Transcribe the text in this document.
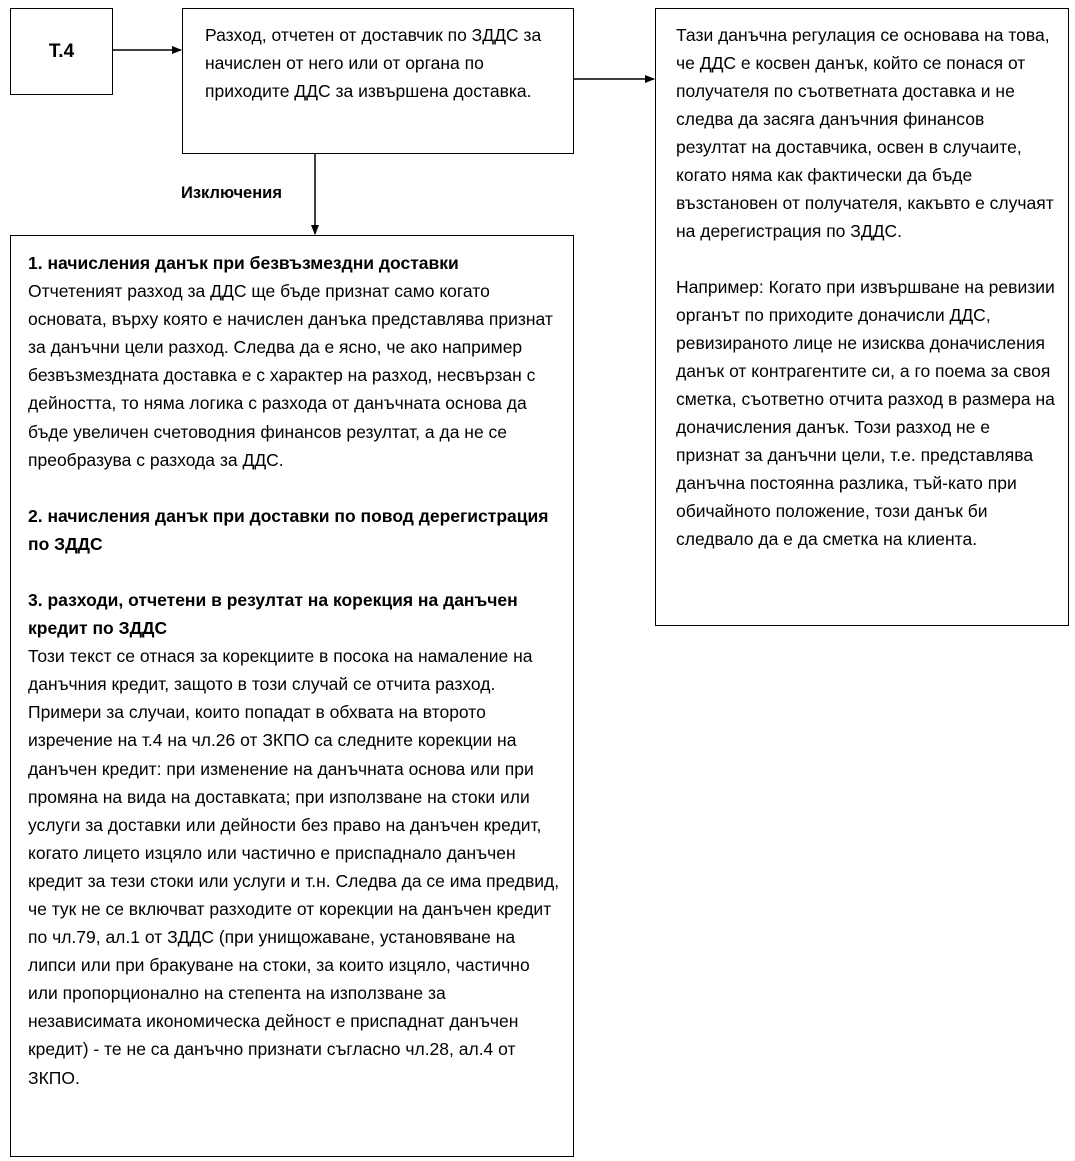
Т.4

Разход, отчетен от доставчик по ЗДДС за начислен от него или от органа по приходите ДДС за извършена доставка.

Изключения

Тази данъчна регулация се основава на това, че ДДС е косвен данък, който се понася от получателя по съответната доставка и не следва да засяга данъчния финансов резултат на доставчика, освен в случаите, когато няма как фактически да бъде възстановен от получателя, какъвто е случаят на дерегистрация по ЗДДС.

Например: Когато при извършване на ревизии органът по приходите доначисли ДДС, ревизираното лице не изисква доначисления данък от контрагентите си, а го поема за своя сметка, съответно отчита разход в размера на доначисления данък. Този разход не е признат за данъчни цели, т.е. представлява данъчна постоянна разлика, тъй-като при обичайното положение, този данък би следвало да е да сметка на клиента.

1. начисления данък при безвъзмездни доставки

Отчетеният разход за ДДС ще бъде признат само когато основата, върху която е начислен данъка представлява признат за данъчни цели разход. Следва да е ясно, че ако например безвъзмездната доставка е с характер на разход, несвързан с дейността, то няма логика с разхода от данъчната основа да бъде увеличен счетоводния финансов резултат, а да не се преобразува с разхода за ДДС.

2. начисления данък при доставки по повод дерегистрация по ЗДДС

3. разходи, отчетени в резултат на корекция на данъчен кредит по ЗДДС

Този текст се отнася за корекциите в посока на намаление на данъчния кредит, защото в този случай се отчита разход. Примери за случаи, които попадат в обхвата на второто изречение на т.4 на чл.26 от ЗКПО са следните корекции на данъчен кредит: при изменение на данъчната основа или при промяна на вида на доставката; при използване на стоки или услуги за доставки или дейности без право на данъчен кредит, когато лицето изцяло или частично е приспаднало данъчен кредит за тези стоки или услуги и т.н. Следва да се има предвид, че тук не се включват разходите от корекции на данъчен кредит по чл.79, ал.1 от ЗДДС (при унищожаване, установяване на липси или при бракуване на стоки, за които изцяло, частично или пропорционално на степента на използване за независимата икономическа дейност е приспаднат данъчен кредит) - те не са данъчно признати съгласно чл.28, ал.4 от ЗКПО.
